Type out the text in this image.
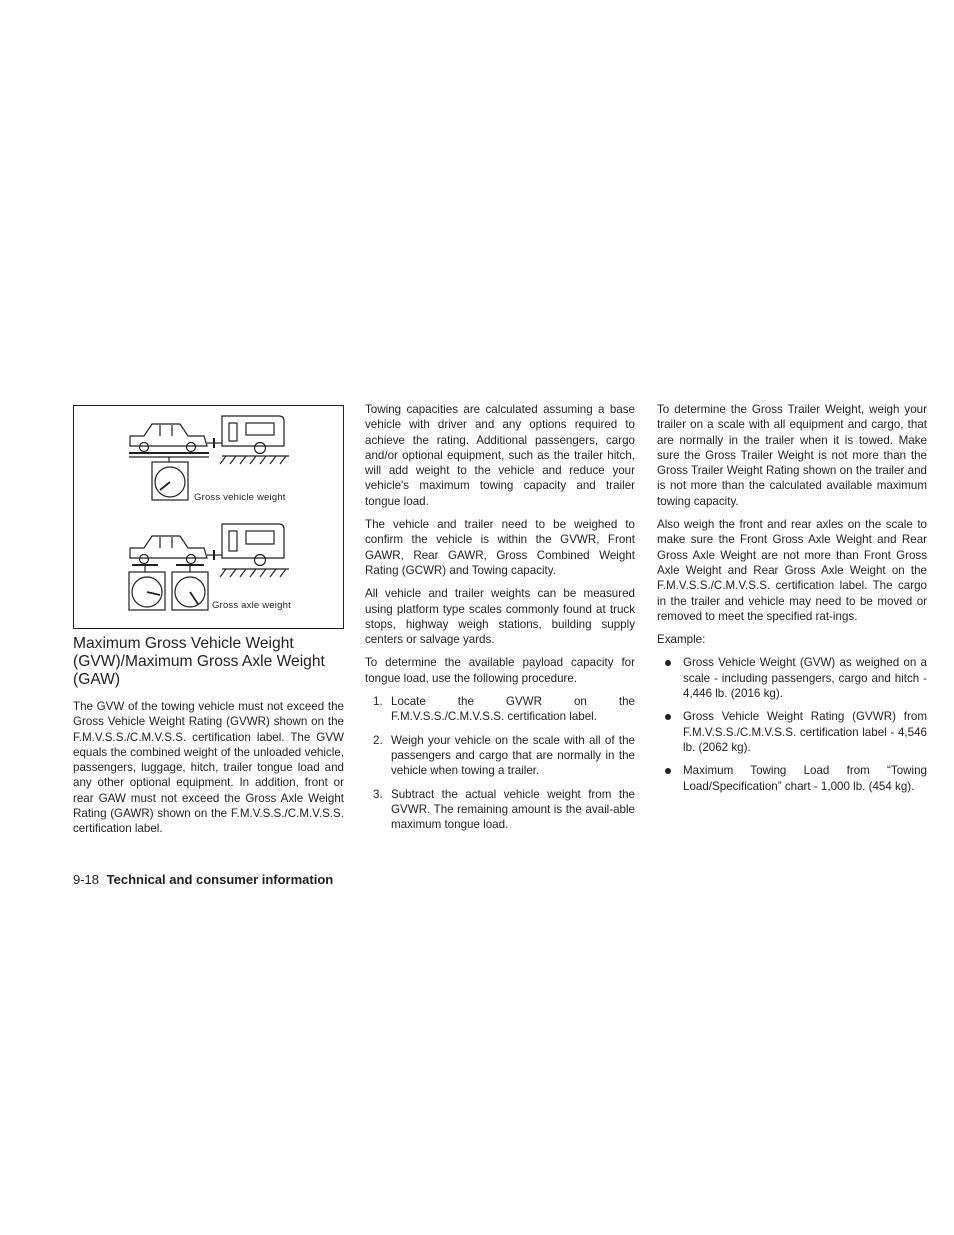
Gross vehicle weight
Gross axle weight
Maximum Gross Vehicle Weight (GVW)/Maximum Gross Axle Weight (GAW)

The GVW of the towing vehicle must not exceed the Gross Vehicle Weight Rating (GVWR) shown on the F.M.V.S.S./C.M.V.S.S. certification label. The GVW equals the combined weight of the unloaded vehicle, passengers, luggage, hitch, trailer tongue load and any other optional equipment. In addition, front or rear GAW must not exceed the Gross Axle Weight Rating (GAWR) shown on the F.M.V.S.S./C.M.V.S.S. certification label.

Towing capacities are calculated assuming a base vehicle with driver and any options required to achieve the rating. Additional passengers, cargo and/or optional equipment, such as the trailer hitch, will add weight to the vehicle and reduce your vehicle's maximum towing capacity and trailer tongue load.

The vehicle and trailer need to be weighed to confirm the vehicle is within the GVWR, Front GAWR, Rear GAWR, Gross Combined Weight Rating (GCWR) and Towing capacity.

All vehicle and trailer weights can be measured using platform type scales commonly found at truck stops, highway weigh stations, building supply centers or salvage yards.

To determine the available payload capacity for tongue load, use the following procedure.

1. Locate the GVWR on the F.M.V.S.S./C.M.V.S.S. certification label.
2. Weigh your vehicle on the scale with all of the passengers and cargo that are normally in the vehicle when towing a trailer.
3. Subtract the actual vehicle weight from the GVWR. The remaining amount is the avail-able maximum tongue load.

To determine the Gross Trailer Weight, weigh your trailer on a scale with all equipment and cargo, that are normally in the trailer when it is towed. Make sure the Gross Trailer Weight is not more than the Gross Trailer Weight Rating shown on the trailer and is not more than the calculated available maximum towing capacity.

Also weigh the front and rear axles on the scale to make sure the Front Gross Axle Weight and Rear Gross Axle Weight are not more than Front Gross Axle Weight and Rear Gross Axle Weight on the F.M.V.S.S./C.M.V.S.S. certification label. The cargo in the trailer and vehicle may need to be moved or removed to meet the specified rat-ings.

Example:

Gross Vehicle Weight (GVW) as weighed on a scale - including passengers, cargo and hitch - 4,446 lb. (2016 kg).
Gross Vehicle Weight Rating (GVWR) from F.M.V.S.S./C.M.V.S.S. certification label - 4,546 lb. (2062 kg).
Maximum Towing Load from “Towing Load/Specification” chart - 1,000 lb. (454 kg).
9-18 Technical and consumer information
